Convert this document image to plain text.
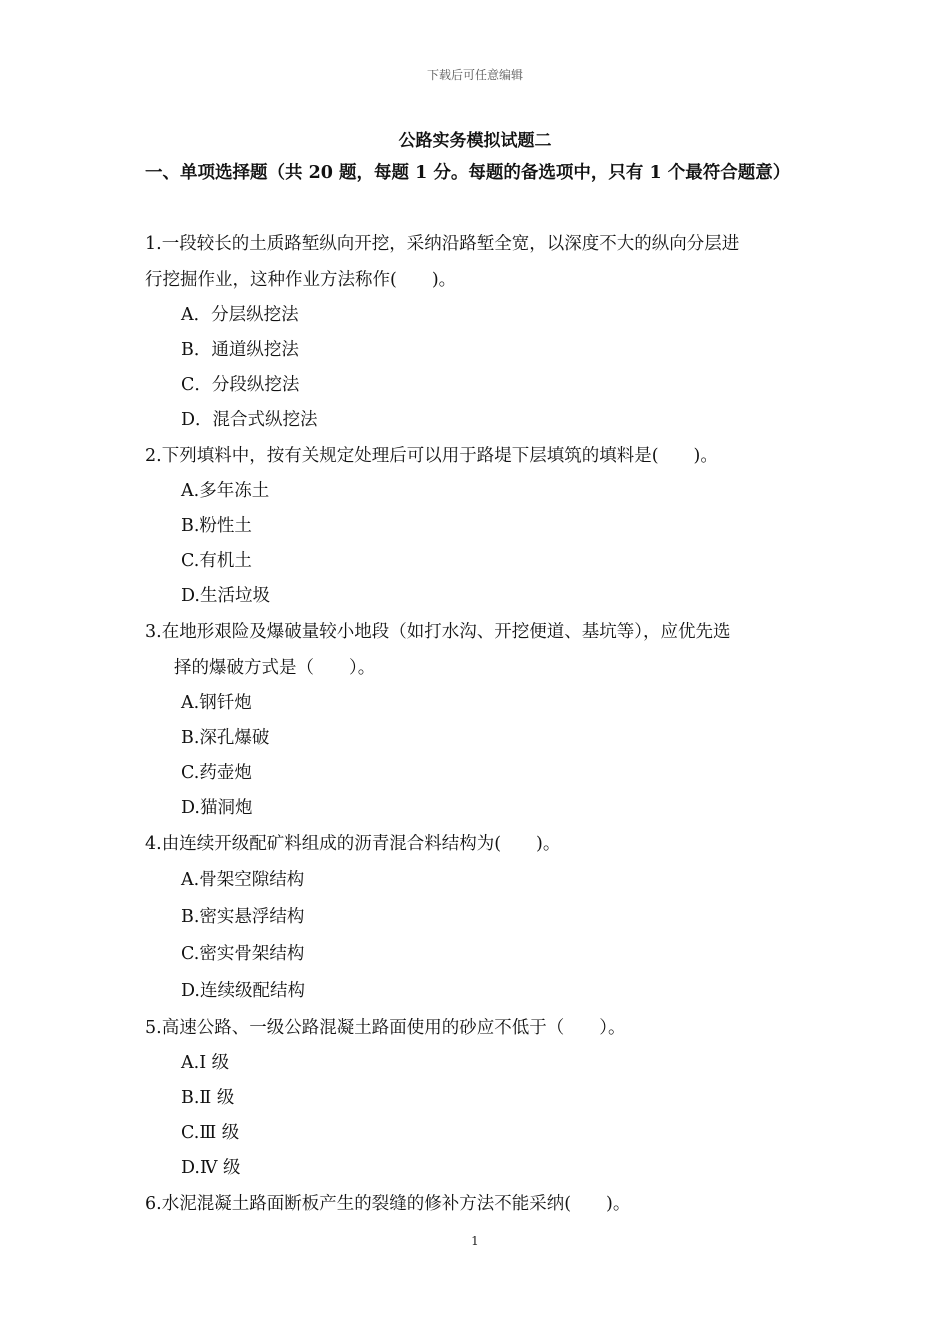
下载后可任意编辑
公路实务模拟试题二
一、单项选择题（共 20 题，每题 1 分。每题的备选项中，只有 1 个最符合题意）
1.一段较长的土质路堑纵向开挖，采纳沿路堑全宽，以深度不大的纵向分层进
行挖掘作业，这种作业方法称作(　　)。
A．分层纵挖法
B．通道纵挖法
C．分段纵挖法
D．混合式纵挖法
2.下列填料中，按有关规定处理后可以用于路堤下层填筑的填料是(　　)。
A.多年冻土
B.粉性土
C.有机土
D.生活垃圾
3.在地形艰险及爆破量较小地段（如打水沟、开挖便道、基坑等），应优先选
择的爆破方式是（　　）。
A.钢钎炮
B.深孔爆破
C.药壶炮
D.猫洞炮
4.由连续开级配矿料组成的沥青混合料结构为(　　)。
A.骨架空隙结构
B.密实悬浮结构
C.密实骨架结构
D.连续级配结构
5.高速公路、一级公路混凝土路面使用的砂应不低于（　　）。
A.Ⅰ 级
B.Ⅱ 级
C.Ⅲ 级
D.Ⅳ 级
6.水泥混凝土路面断板产生的裂缝的修补方法不能采纳(　　)。
1
